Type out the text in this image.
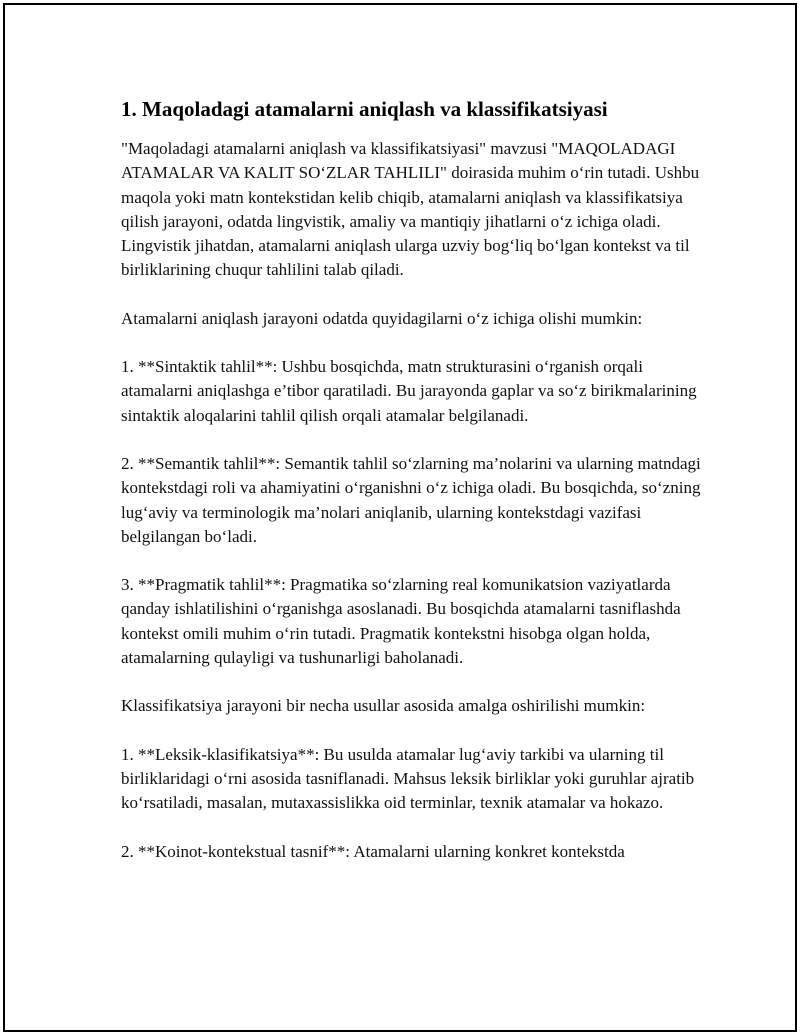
1. Maqoladagi atamalarni aniqlash va klassifikatsiyasi

"Maqoladagi atamalarni aniqlash va klassifikatsiyasi" mavzusi "MAQOLADAGI ATAMALAR VA KALIT SO‘ZLAR TAHLILI" doirasida muhim o‘rin tutadi. Ushbu maqola yoki matn kontekstidan kelib chiqib, atamalarni aniqlash va klassifikatsiya qilish jarayoni, odatda lingvistik, amaliy va mantiqiy jihatlarni o‘z ichiga oladi. Lingvistik jihatdan, atamalarni aniqlash ularga uzviy bog‘liq bo‘lgan kontekst va til birliklarining chuqur tahlilini talab qiladi.

Atamalarni aniqlash jarayoni odatda quyidagilarni o‘z ichiga olishi mumkin:

1. **Sintaktik tahlil**: Ushbu bosqichda, matn strukturasini o‘rganish orqali atamalarni aniqlashga e’tibor qaratiladi. Bu jarayonda gaplar va so‘z birikmalarining sintaktik aloqalarini tahlil qilish orqali atamalar belgilanadi.

2. **Semantik tahlil**: Semantik tahlil so‘zlarning ma’nolarini va ularning matndagi kontekstdagi roli va ahamiyatini o‘rganishni o‘z ichiga oladi. Bu bosqichda, so‘zning lug‘aviy va terminologik ma’nolari aniqlanib, ularning kontekstdagi vazifasi belgilangan bo‘ladi.

3. **Pragmatik tahlil**: Pragmatika so‘zlarning real komunikatsion vaziyatlarda qanday ishlatilishini o‘rganishga asoslanadi. Bu bosqichda atamalarni tasniflashda kontekst omili muhim o‘rin tutadi. Pragmatik kontekstni hisobga olgan holda, atamalarning qulayligi va tushunarligi baholanadi.

Klassifikatsiya jarayoni bir necha usullar asosida amalga oshirilishi mumkin:

1. **Leksik-klasifikatsiya**: Bu usulda atamalar lug‘aviy tarkibi va ularning til birliklaridagi o‘rni asosida tasniflanadi. Mahsus leksik birliklar yoki guruhlar ajratib ko‘rsatiladi, masalan, mutaxassislikka oid terminlar, texnik atamalar va hokazo.

2. **Koinot-kontekstual tasnif**: Atamalarni ularning konkret kontekstda
